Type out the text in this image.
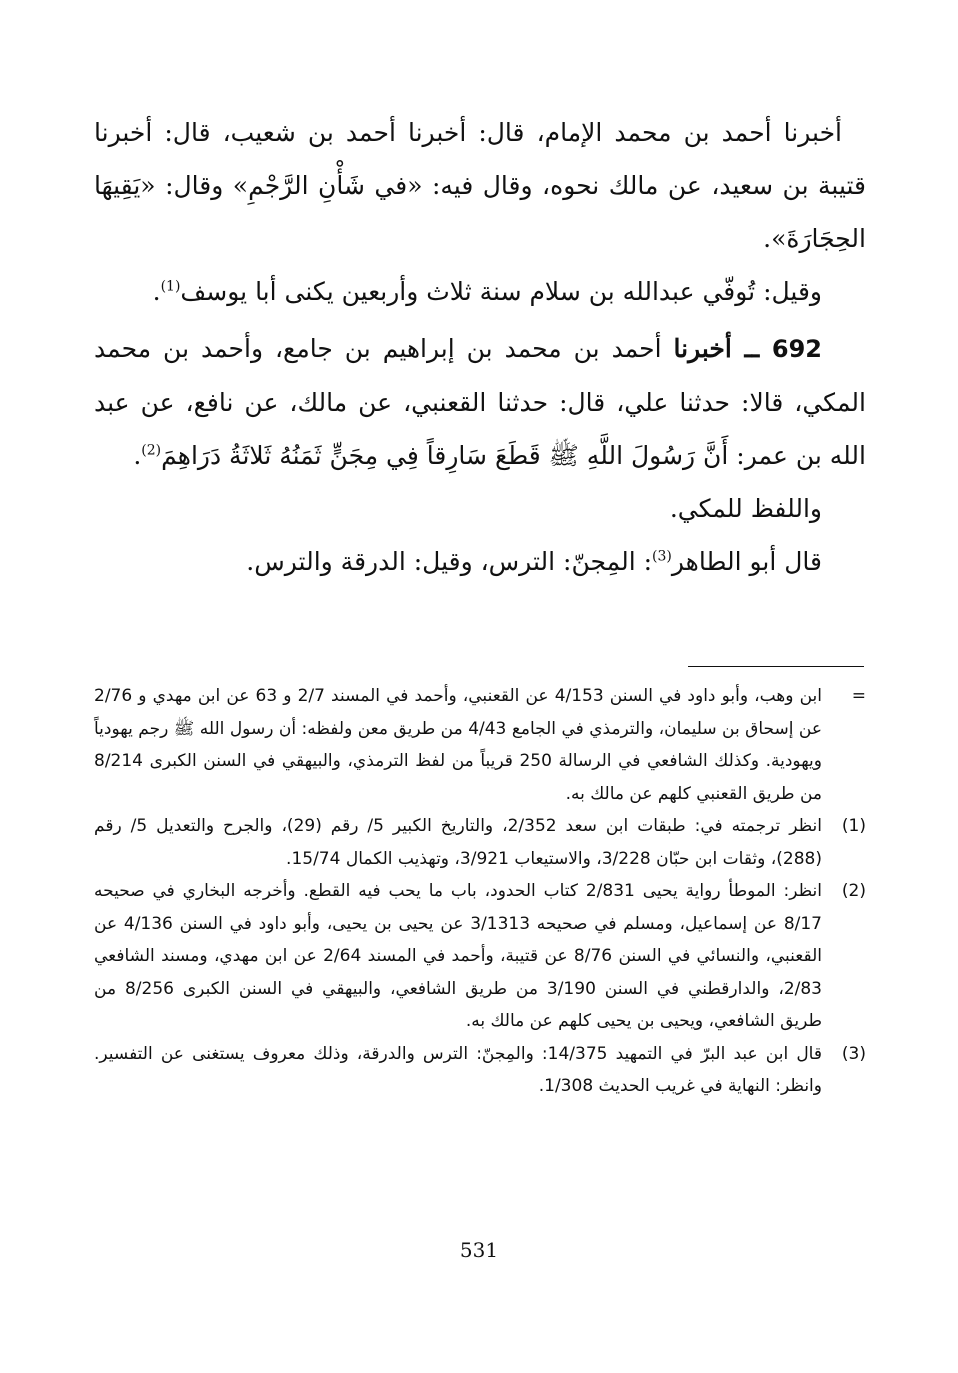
أخبرنا أحمد بن محمد الإمام، قال: أخبرنا أحمد بن شعيب، قال: أخبرنا قتيبة بن سعيد، عن مالك نحوه، وقال فيه: «في شَأْنِ الرَّجْمِ» وقال: «يَقِيهَا الحِجَارَةَ».

وقيل: تُوفّي عبدالله بن سلام سنة ثلاث وأربعين يكنى أبا يوسف$^{(1)}$.

692 ــ أخبرنا أحمد بن محمد بن إبراهيم بن جامع، وأحمد بن محمد المكي، قالا: حدثنا علي، قال: حدثنا القعنبي، عن مالك، عن نافع، عن عبد الله بن عمر: أَنَّ رَسُولَ اللَّهِ ﷺ قَطَعَ سَارِقاً فِي مِجَنٍّ ثَمَنُهُ ثَلاثَةُ دَرَاهِمَ$^{(2)}$.

واللفظ للمكي.

قال أبو الطاهر$^{(3)}$: المِجنّ: الترس، وقيل: الدرقة والترس.

=
ابن وهب، وأبو داود في السنن 4/153 عن القعنبي، وأحمد في المسند 2/7 و 63 عن ابن مهدي و 2/76 عن إسحاق بن سليمان، والترمذي في الجامع 4/43 من طريق معن ولفظه: أن رسول الله ﷺ رجم يهودياً ويهودية. وكذلك الشافعي في الرسالة 250 قريباً من لفظ الترمذي، والبيهقي في السنن الكبرى 8/214 من طريق القعنبي كلهم عن مالك به.

(1)
انظر ترجمته في: طبقات ابن سعد 2/352، والتاريخ الكبير 5/ رقم (29)، والجرح والتعديل 5/ رقم (288)، وثقات ابن حبّان 3/228، والاستيعاب 3/921، وتهذيب الكمال 15/74.

(2)
انظر: الموطأ رواية يحيى 2/831 كتاب الحدود، باب ما يحب فيه القطع. وأخرجه البخاري في صحيحه 8/17 عن إسماعيل، ومسلم في صحيحه 3/1313 عن يحيى بن يحيى، وأبو داود في السنن 4/136 عن القعنبي، والنسائي في السنن 8/76 عن قتيبة، وأحمد في المسند 2/64 عن ابن مهدي، ومسند الشافعي 2/83، والدارقطني في السنن 3/190 من طريق الشافعي، والبيهقي في السنن الكبرى 8/256 من طريق الشافعي، ويحيى بن يحيى كلهم عن مالك به.

(3)
قال ابن عبد البرّ في التمهيد 14/375: والمِجنّ: الترس والدرقة، وذلك معروف يستغنى عن التفسير. وانظر: النهاية في غريب الحديث 1/308.

531
